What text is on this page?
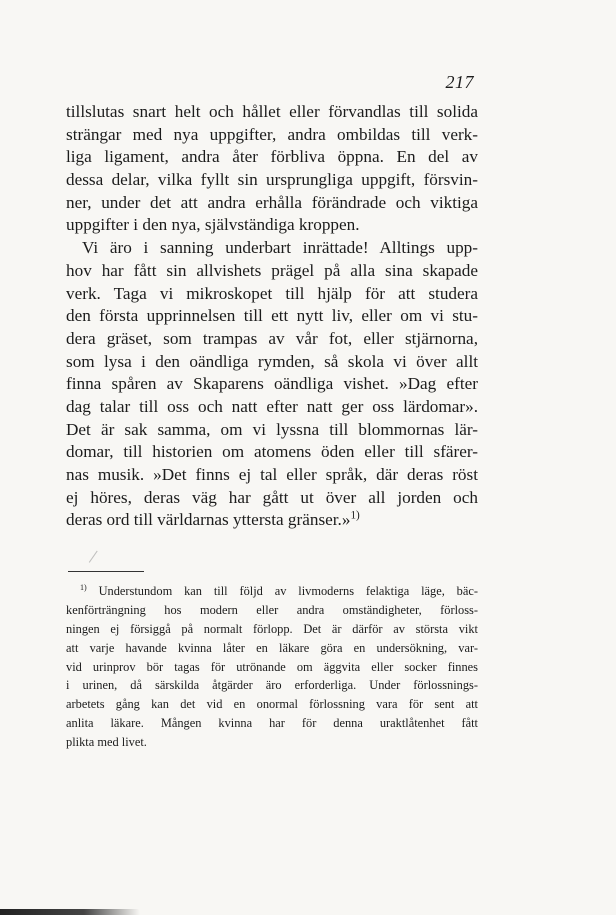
217
tillslutas snart helt och hållet eller förvandlas till solida
strängar med nya uppgifter, andra ombildas till verk-
liga ligament, andra åter förbliva öppna. En del av
dessa delar, vilka fyllt sin ursprungliga uppgift, försvin-
ner, under det att andra erhålla förändrade och viktiga
uppgifter i den nya, självständiga kroppen.
Vi äro i sanning underbart inrättade! Alltings upp-
hov har fått sin allvishets prägel på alla sina skapade
verk. Taga vi mikroskopet till hjälp för att studera
den första upprinnelsen till ett nytt liv, eller om vi stu-
dera gräset, som trampas av vår fot, eller stjärnorna,
som lysa i den oändliga rymden, så skola vi över allt
finna spåren av Skaparens oändliga vishet. »Dag efter
dag talar till oss och natt efter natt ger oss lärdomar».
Det är sak samma, om vi lyssna till blommornas lär-
domar, till historien om atomens öden eller till sfärer-
nas musik. »Det finns ej tal eller språk, där deras röst
ej höres, deras väg har gått ut över all jorden och
deras ord till världarnas yttersta gränser.»$^{1)}$
$^{1)}$ Understundom kan till följd av livmoderns felaktiga läge, bäc-
kenförträngning hos modern eller andra omständigheter, förloss-
ningen ej försiggå på normalt förlopp. Det är därför av största vikt
att varje havande kvinna låter en läkare göra en undersökning, var-
vid urinprov bör tagas för utrönande om äggvita eller socker finnes
i urinen, då särskilda åtgärder äro erforderliga. Under förlossnings-
arbetets gång kan det vid en onormal förlossning vara för sent att
anlita läkare. Mången kvinna har för denna uraktlåtenhet fått
plikta med livet.
